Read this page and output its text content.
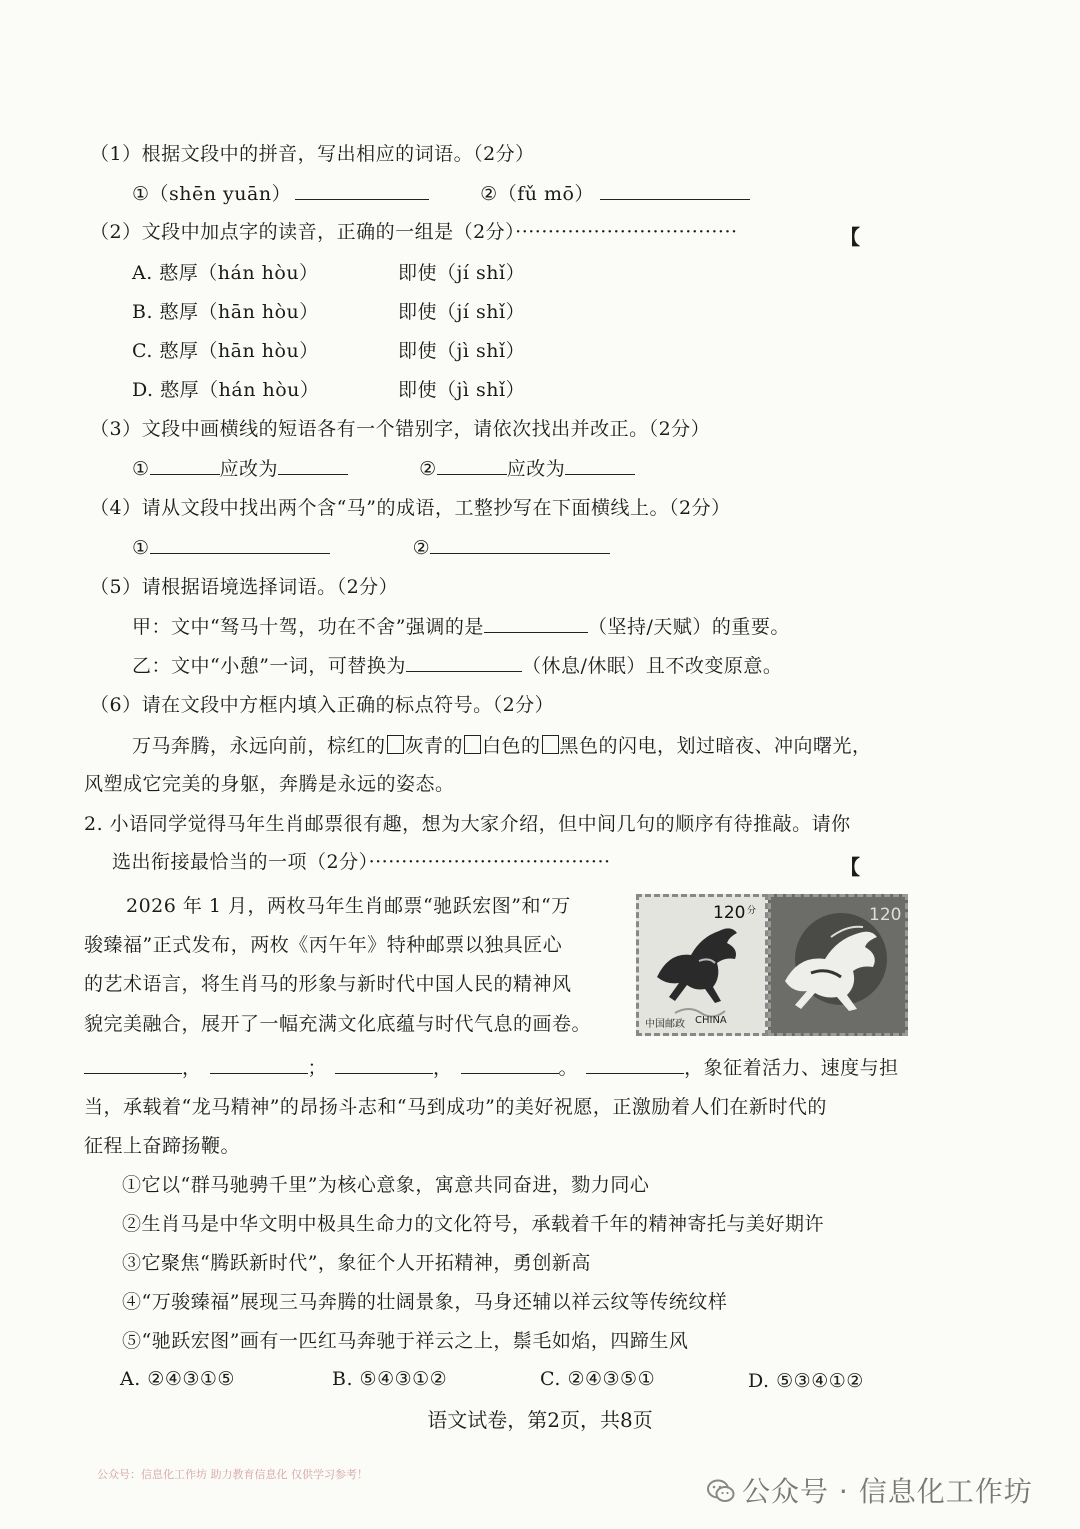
（1）根据文段中的拼音，写出相应的词语。（2分）
①（shēn yuān）	②（fǔ mō）
（2）文段中加点字的读音，正确的一组是（2分）··································	【
A. 憨厚（hán hòu）	即使（jí shǐ）
B. 憨厚（hān hòu）	即使（jí shǐ）
C. 憨厚（hān hòu）	即使（jì shǐ）
D. 憨厚（hán hòu）	即使（jì shǐ）
（3）文段中画横线的短语各有一个错别字，请依次找出并改正。（2分）
①	应改为	②	应改为
（4）请从文段中找出两个含“马”的成语，工整抄写在下面横线上。（2分）
①	②
（5）请根据语境选择词语。（2分）
甲：文中“驽马十驾，功在不舍”强调的是	（坚持/天赋）的重要。
乙：文中“小憩”一词，可替换为	（休息/休眠）且不改变原意。
（6）请在文段中方框内填入正确的标点符号。（2分）
万马奔腾，永远向前，棕红的 灰青的 白色的 黑色的闪电，划过暗夜、冲向曙光，
风塑成它完美的身躯，奔腾是永远的姿态。
2. 小语同学觉得马年生肖邮票很有趣，想为大家介绍，但中间几句的顺序有待推敲。请你
选出衔接最恰当的一项（2分）·····································	【
2026 年 1 月，两枚马年生肖邮票“驰跃宏图”和“万
骏臻福”正式发布，两枚《丙午年》特种邮票以独具匠心
的艺术语言，将生肖马的形象与新时代中国人民的精神风
貌完美融合，展开了一幅充满文化底蕴与时代气息的画卷。
120 分
中国邮政 CHINA
120
，	；	，	。	，象征着活力、速度与担
当，承载着“龙马精神”的昂扬斗志和“马到成功”的美好祝愿，正激励着人们在新时代的
征程上奋蹄扬鞭。
①它以“群马驰骋千里”为核心意象，寓意共同奋进，勠力同心
②生肖马是中华文明中极具生命力的文化符号，承载着千年的精神寄托与美好期许
③它聚焦“腾跃新时代”，象征个人开拓精神，勇创新高
④“万骏臻福”展现三马奔腾的壮阔景象，马身还辅以祥云纹等传统纹样
⑤“驰跃宏图”画有一匹红马奔驰于祥云之上，鬃毛如焰，四蹄生风
A. ②④③①⑤	B. ⑤④③①②	C. ②④③⑤①	D. ⑤③④①②
语文试卷，第2页，共8页
公众号：信息化工作坊 助力教育信息化 仅供学习参考！
公众号 · 信息化工作坊
